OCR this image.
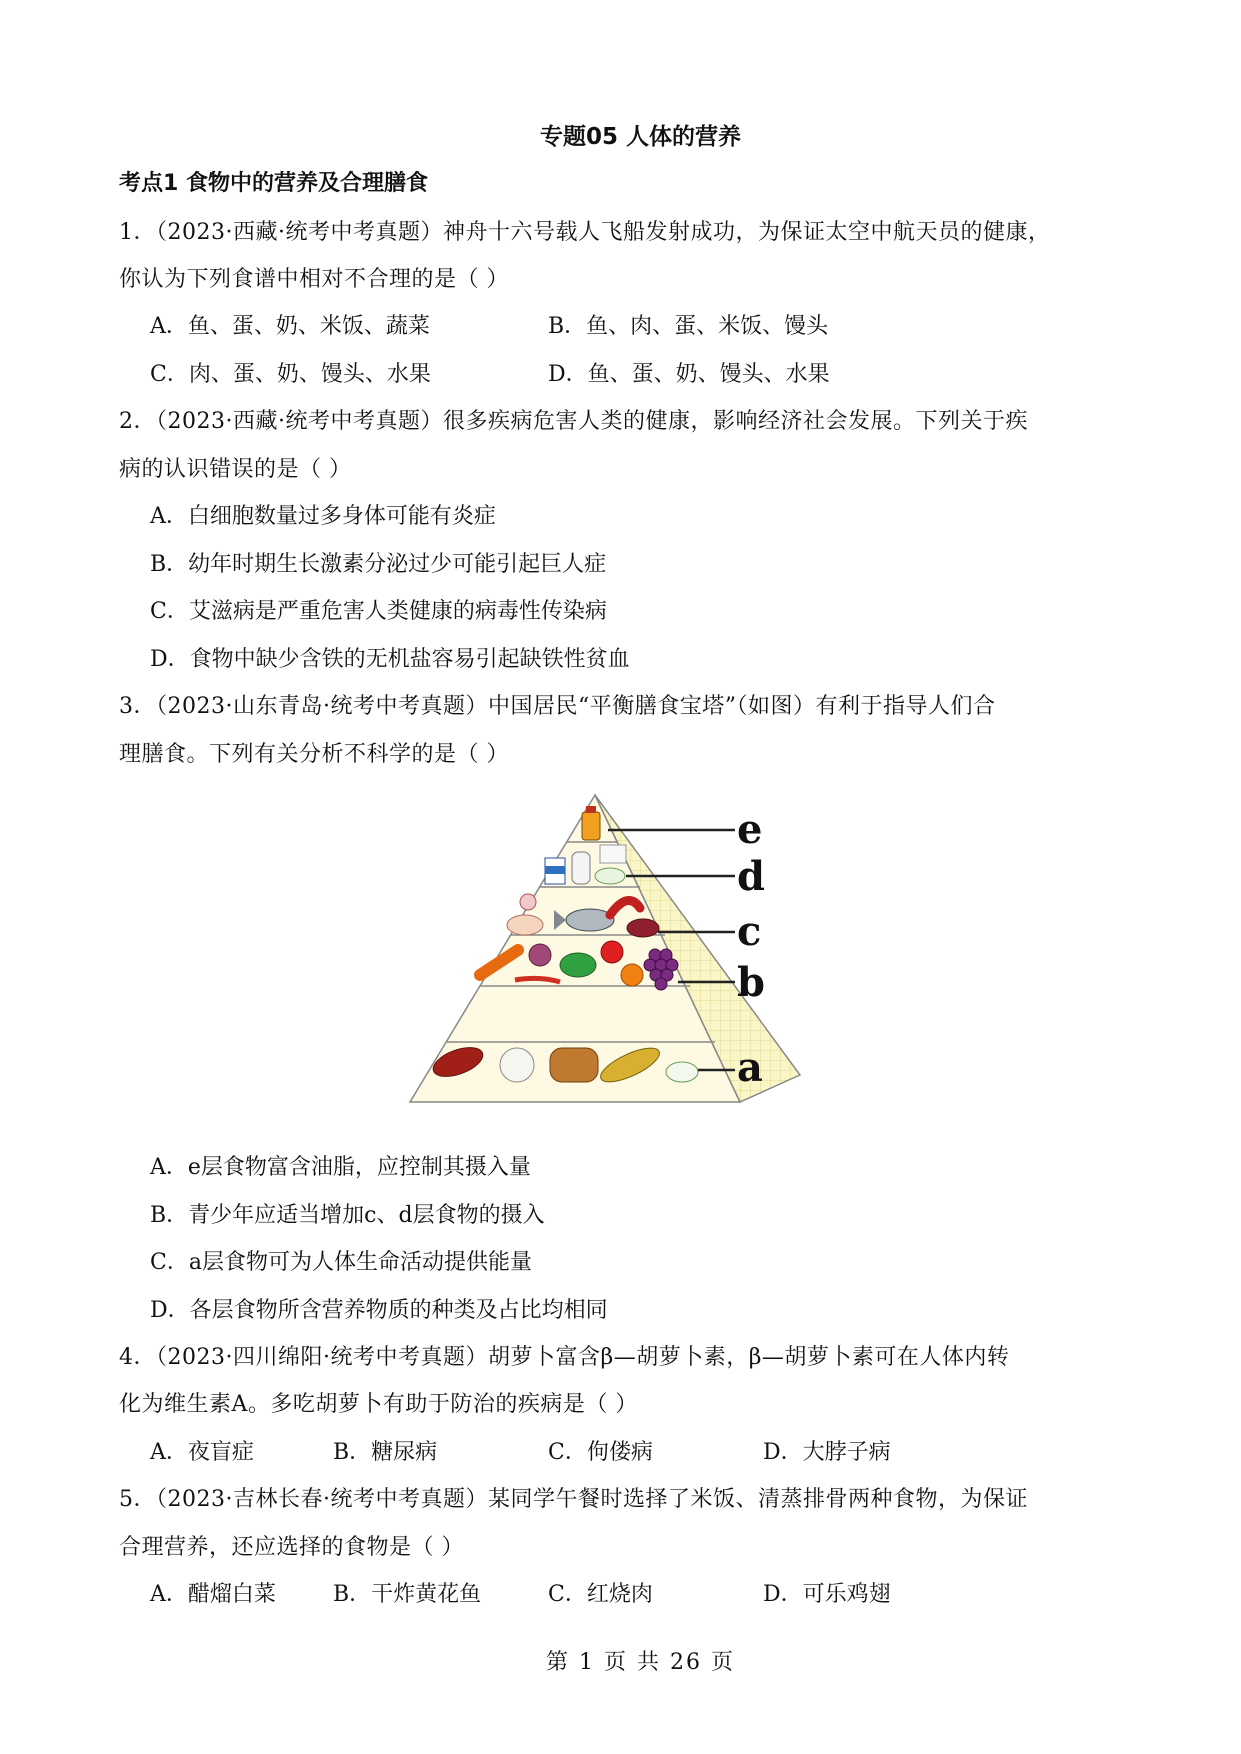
专题05 人体的营养
考点1 食物中的营养及合理膳食
1．（2023·西藏·统考中考真题）神舟十六号载人飞船发射成功，为保证太空中航天员的健康，
你认为下列食谱中相对不合理的是（ ）
A．鱼、蛋、奶、米饭、蔬菜	B．鱼、肉、蛋、米饭、馒头
C．肉、蛋、奶、馒头、水果	D．鱼、蛋、奶、馒头、水果
2．（2023·西藏·统考中考真题）很多疾病危害人类的健康，影响经济社会发展。下列关于疾
病的认识错误的是（ ）
A．白细胞数量过多身体可能有炎症
B．幼年时期生长激素分泌过少可能引起巨人症
C．艾滋病是严重危害人类健康的病毒性传染病
D．食物中缺少含铁的无机盐容易引起缺铁性贫血
3．（2023·山东青岛·统考中考真题）中国居民“平衡膳食宝塔”（如图）有利于指导人们合
理膳食。下列有关分析不科学的是（ ）
e
d
c
b
a
A．e层食物富含油脂，应控制其摄入量
B．青少年应适当增加c、d层食物的摄入
C．a层食物可为人体生命活动提供能量
D．各层食物所含营养物质的种类及占比均相同
4．（2023·四川绵阳·统考中考真题）胡萝卜富含β—胡萝卜素，β—胡萝卜素可在人体内转
化为维生素A。多吃胡萝卜有助于防治的疾病是（ ）
A．夜盲症	B．糖尿病	C．佝偻病	D．大脖子病
5．（2023·吉林长春·统考中考真题）某同学午餐时选择了米饭、清蒸排骨两种食物，为保证
合理营养，还应选择的食物是（ ）
A．醋熘白菜	B．干炸黄花鱼	C．红烧肉	D．可乐鸡翅
第 1 页 共 26 页
